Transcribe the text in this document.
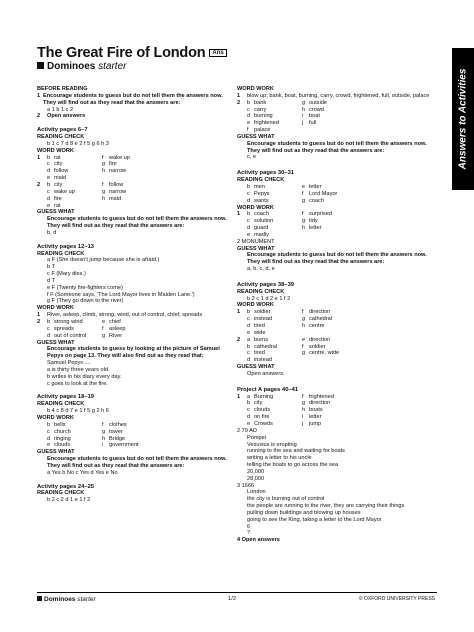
The Great Fire of London Ans
Dominoes starter
Answers to Activities
BEFORE READING
1 Encourage students to guess but do not tell them the answers now. They will find out as they read that the answers are:
a 1 b 1 c 2
2 Open answers
Activity pages 6–7
READING CHECK
b 1 c 7 d 8 e 2 f 5 g 6 h 3
WORD WORK
1	b rat	f wake up
c city	g fire
d follow	h narrow
e maid
2	b city	f follow
c wake up	g narrow
d fire	h maid
e rat
GUESS WHAT
Encourage students to guess but do not tell them the answers now. They will find out as they read that the answers are:
b, d
Activity pages 12–13
READING CHECK
a F (She doesn't jump because she is afraid.)
b T
c F (Mary dies.)
d T
e F (Twenty fire-fighters come)
f F (Someone says, 'The Lord Mayor lives in Maiden Lane.')
g F (They go down to the river)
WORD WORK
1 River, asleep, climb, strong, wind, out of control, chief, spreads
2	b strong wind	e chief
c spreads	f asleep
d out of control	g River
GUESS WHAT
Encourage students to guess by looking at the picture of Samuel Pepys on page 13. They will also find out as they read that:
Samuel Pepys ....
a is thirty three years old.
b writes in his diary every day.
c goes to look at the fire.
Activity pages 18–19
READING CHECK
b 4 c 8 d 7 e 1 f 5 g 2 h 6
WORD WORK
b bells	f clothes
c church	g tower
d ringing	h Bridge
e clouds	i	government
GUESS WHAT
Encourage students to guess but do not tell them the answers now. They will find out as they read that the answers are:
a Yes b No c Yes d Yes e No
Activity pages 24–25
READING CHECK
b 2 c 2 d 1 e 1 f 2
WORD WORK
1	blow up; bank, boat, burning, carry, crowd, frightened, full, outside, palace
2	b bank	g outside
c carry	h crowd
d burning	i	boat
e frightened	j	full
f palace
GUESS WHAT
Encourage students to guess but do not tell them the answers now. They will find out as they read that the answers are:
c, e
Activity pages 30–31
READING CHECK
b men	e letter
c Pepys	f Lord Mayor
d wants	g coach
WORD WORK
1	b coach	f surprised
c solution	g tidy
d guard	h letter
e madly
2 MONUMENT
GUESS WHAT
Encourage students to guess but do not tell them the answers now. They will find out as they read that the answers are:
a, b, c, d, e
Activity pages 38–39
READING CHECK
b 2 c 1 d 2 e 1 f 2
WORD WORK
1	b soldier	f direction
c instead	g cathedral
d tired	h centre
e wide
2	a burns	e direction
b cathedral	f soldier
c tired	g centre, wide
d instead
GUESS WHAT
Open answers.
Project A pages 40–41
1	a Burning	f frightened
b city	g direction
c clouds	h boats
d on fire	i	letter
e Crowds	j	jump
2 79 AD
Pompei
Vesuvius is erupting
running to the sea and waiting for boats
writing a letter to his uncle
telling the boats to go across the sea
20,000
28,000
3 1666
London
the city is burning out of control
the people are running to the river, they are carrying their things
pulling down buildings and blowing up houses
going to see the King, taking a letter to the Lord Mayor
6
?
4 Open answers
Dominoes starter	1/2	© OXFORD UNIVERSITY PRESS
